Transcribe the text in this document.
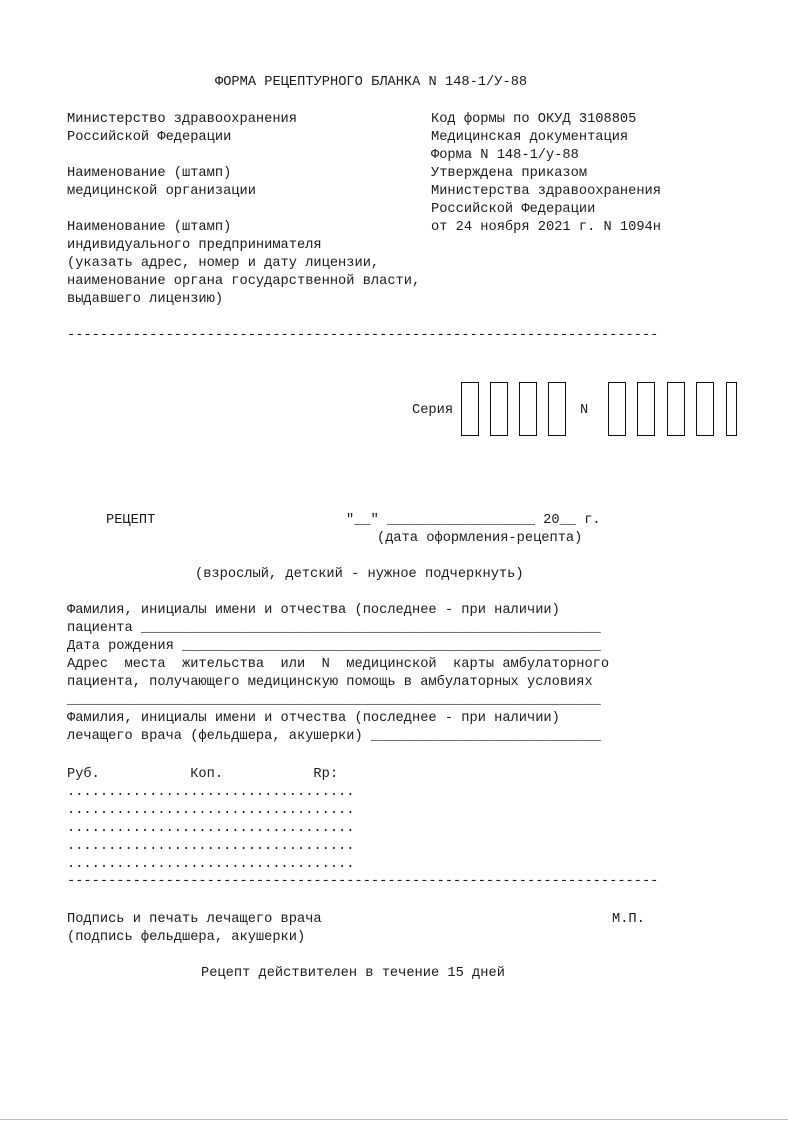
ФОРМА РЕЦЕПТУРНОГО БЛАНКА N 148-1/У-88
Министерство здравоохранения
Российской Федерации
Наименование (штамп)
медицинской организации
Наименование (штамп)
индивидуального предпринимателя
(указать адрес, номер и дату лицензии,
наименование органа государственной власти,
выдавшего лицензию)
Код формы по ОКУД 3108805
Медицинская документация
Форма N 148-1/у-88
Утверждена приказом
Министерства здравоохранения
Российской Федерации
от 24 ноября 2021 г. N 1094н
------------------------------------------------------------------------
Серия	N
РЕЦЕПТ	"__" __________________ 20__ г.
(дата оформления-рецепта)
(взрослый, детский - нужное подчеркнуть)
Фамилия, инициалы имени и отчества (последнее - при наличии)
пациента ________________________________________________________
Дата рождения ___________________________________________________
Адрес  места  жительства  или  N  медицинской  карты амбулаторного
пациента, получающего медицинскую помощь в амбулаторных условиях
_________________________________________________________________
Фамилия, инициалы имени и отчества (последнее - при наличии)
лечащего врача (фельдшера, акушерки) ____________________________
Руб.           Коп.           Rp:
...................................
...................................
...................................
...................................
...................................
------------------------------------------------------------------------
Подпись и печать лечащего врача	М.П.
(подпись фельдшера, акушерки)
Рецепт действителен в течение 15 дней
